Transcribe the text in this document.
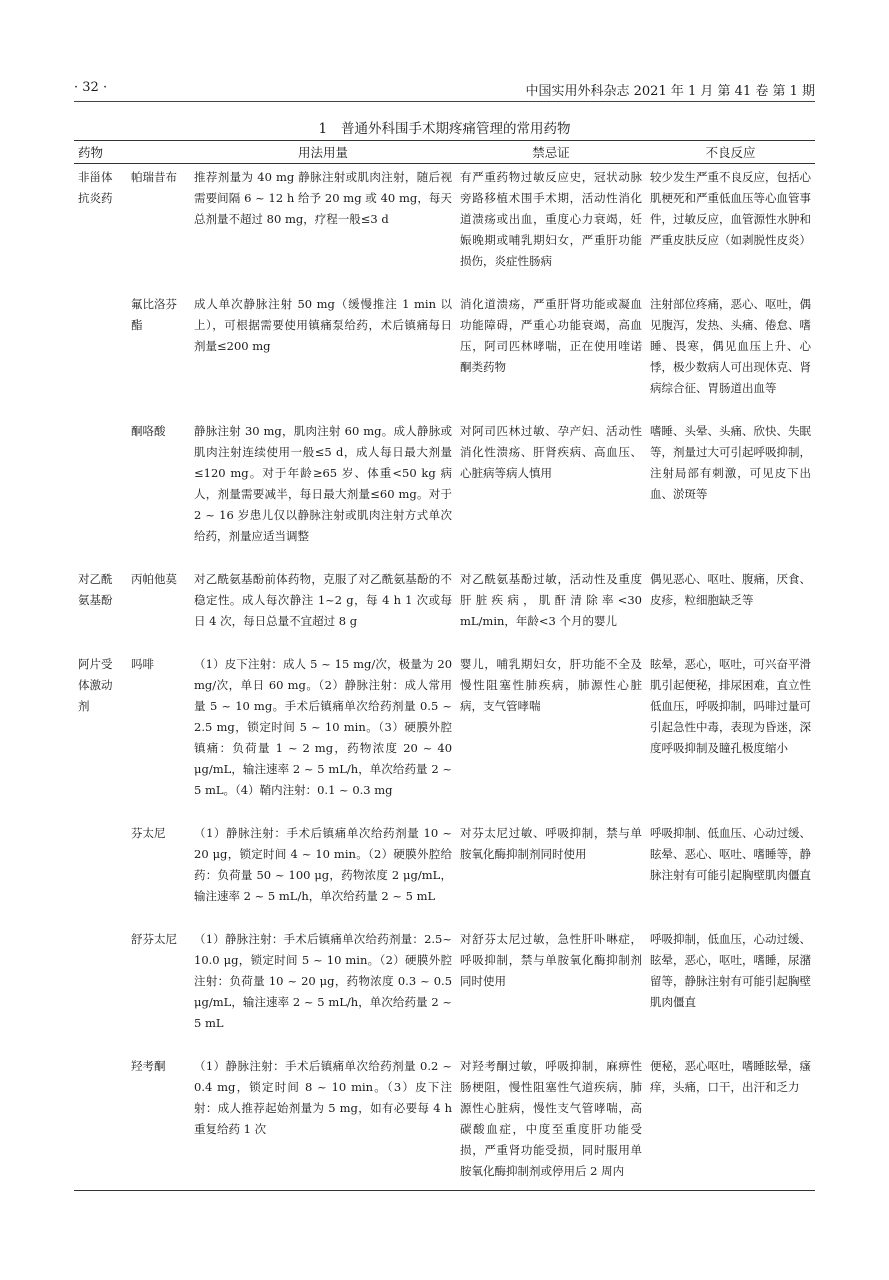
· 32 ·	中国实用外科杂志 2021 年 1 月 第 41 卷 第 1 期
1 普通外科围手术期疼痛管理的常用药物
药物		用法用量	禁忌证	不良反应
非甾体抗炎药	帕瑞昔布	推荐剂量为 40 mg 静脉注射或肌肉注射，随后视需要间隔 6 ~ 12 h 给予 20 mg 或 40 mg，每天总剂量不超过 80 mg，疗程一般≤3 d	有严重药物过敏反应史，冠状动脉旁路移植术围手术期，活动性消化道溃疡或出血，重度心力衰竭，妊娠晚期或哺乳期妇女，严重肝功能损伤，炎症性肠病	较少发生严重不良反应，包括心肌梗死和严重低血压等心血管事件，过敏反应，血管源性水肿和严重皮肤反应（如剥脱性皮炎）
	氟比洛芬酯	成人单次静脉注射 50 mg（缓慢推注 1 min 以上），可根据需要使用镇痛泵给药，术后镇痛每日剂量≤200 mg	消化道溃疡，严重肝肾功能或凝血功能障碍，严重心功能衰竭，高血压，阿司匹林哮喘，正在使用喹诺酮类药物	注射部位疼痛，恶心、呕吐，偶见腹泻，发热、头痛、倦怠、嗜睡、畏寒，偶见血压上升、心悸，极少数病人可出现休克、肾病综合征、胃肠道出血等
	酮咯酸	静脉注射 30 mg，肌肉注射 60 mg。成人静脉或肌肉注射连续使用一般≤5 d，成人每日最大剂量≤120 mg。对于年龄≥65 岁、体重<50 kg 病人，剂量需要减半，每日最大剂量≤60 mg。对于 2 ~ 16 岁患儿仅以静脉注射或肌肉注射方式单次给药，剂量应适当调整	对阿司匹林过敏、孕产妇、活动性消化性溃疡、肝肾疾病、高血压、心脏病等病人慎用	嗜睡、头晕、头痛、欣快、失眠等，剂量过大可引起呼吸抑制，注射局部有刺激，可见皮下出血、淤斑等
对乙酰氨基酚	丙帕他莫	对乙酰氨基酚前体药物，克服了对乙酰氨基酚的不稳定性。成人每次静注 1~2 g，每 4 h 1 次或每日 4 次，每日总量不宜超过 8 g	对乙酰氨基酚过敏，活动性及重度肝脏疾病，肌酐清除率<30 mL/min，年龄<3 个月的婴儿	偶见恶心、呕吐、腹痛，厌食、皮疹，粒细胞缺乏等
阿片受体激动剂	吗啡	（1）皮下注射：成人 5 ~ 15 mg/次，极量为 20 mg/次，单日 60 mg。（2）静脉注射：成人常用量 5 ~ 10 mg。手术后镇痛单次给药剂量 0.5 ~ 2.5 mg，锁定时间 5 ~ 10 min。（3）硬膜外腔镇痛：负荷量 1 ~ 2 mg，药物浓度 20 ~ 40 μg/mL，输注速率 2 ~ 5 mL/h，单次给药量 2 ~ 5 mL。（4）鞘内注射：0.1 ~ 0.3 mg	婴儿，哺乳期妇女，肝功能不全及慢性阻塞性肺疾病，肺源性心脏病，支气管哮喘	眩晕，恶心，呕吐，可兴奋平滑肌引起便秘，排尿困难，直立性低血压，呼吸抑制，吗啡过量可引起急性中毒，表现为昏迷，深度呼吸抑制及瞳孔极度缩小
	芬太尼	（1）静脉注射：手术后镇痛单次给药剂量 10 ~ 20 μg，锁定时间 4 ~ 10 min。（2）硬膜外腔给药：负荷量 50 ~ 100 μg，药物浓度 2 μg/mL，输注速率 2 ~ 5 mL/h，单次给药量 2 ~ 5 mL	对芬太尼过敏、呼吸抑制，禁与单胺氧化酶抑制剂同时使用	呼吸抑制、低血压、心动过缓、眩晕、恶心、呕吐、嗜睡等，静脉注射有可能引起胸壁肌肉僵直
	舒芬太尼	（1）静脉注射：手术后镇痛单次给药剂量：2.5~ 10.0 μg，锁定时间 5 ~ 10 min。（2）硬膜外腔注射：负荷量 10 ~ 20 μg，药物浓度 0.3 ~ 0.5 μg/mL，输注速率 2 ~ 5 mL/h，单次给药量 2 ~ 5 mL	对舒芬太尼过敏，急性肝卟啉症，呼吸抑制，禁与单胺氧化酶抑制剂同时使用	呼吸抑制，低血压，心动过缓、眩晕，恶心，呕吐，嗜睡，尿潴留等，静脉注射有可能引起胸壁肌肉僵直
	羟考酮	（1）静脉注射：手术后镇痛单次给药剂量 0.2 ~ 0.4 mg，锁定时间 8 ~ 10 min。（3）皮下注射：成人推荐起始剂量为 5 mg，如有必要每 4 h 重复给药 1 次	对羟考酮过敏，呼吸抑制，麻痹性肠梗阻，慢性阻塞性气道疾病，肺源性心脏病，慢性支气管哮喘，高碳酸血症，中度至重度肝功能受损，严重肾功能受损，同时服用单胺氧化酶抑制剂或停用后 2 周内	便秘，恶心呕吐，嗜睡眩晕，瘙痒，头痛，口干，出汗和乏力
